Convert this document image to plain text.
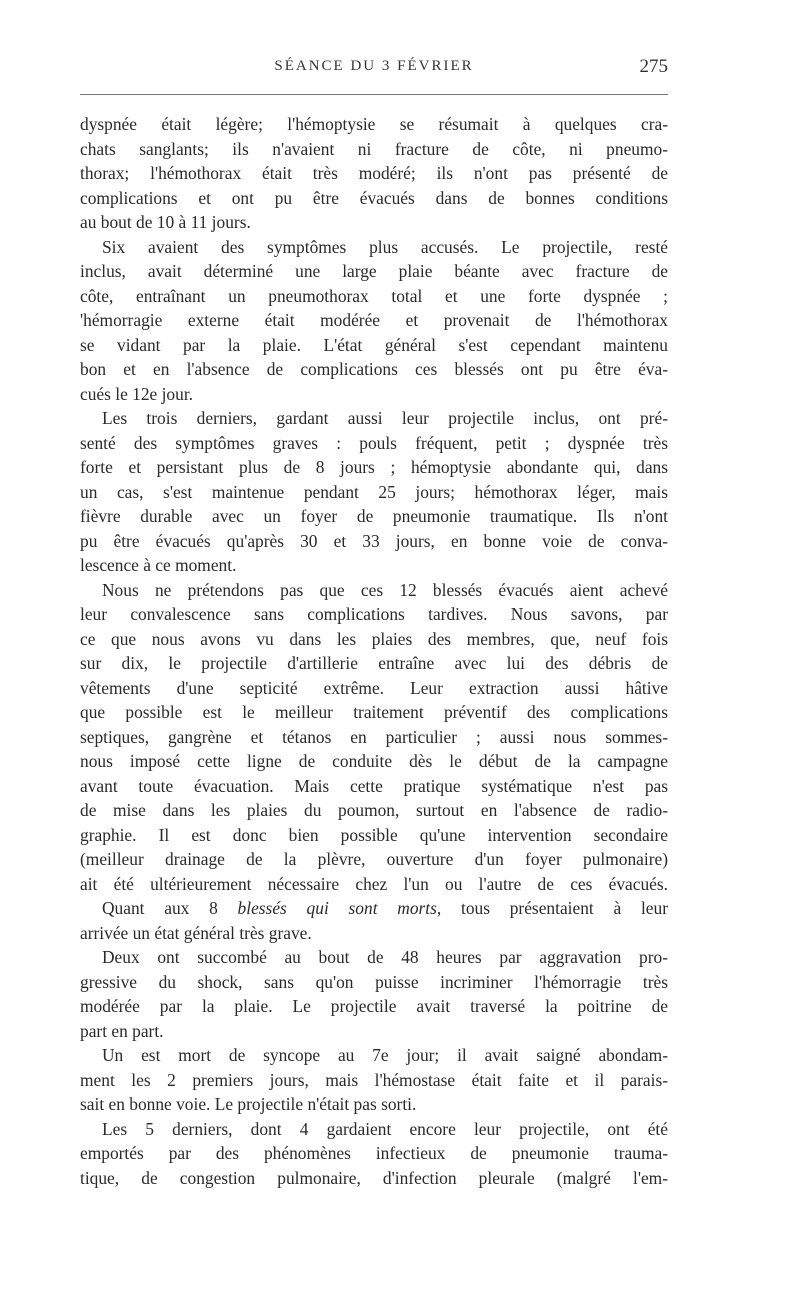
SÉANCE DU 3 FÉVRIER	275
dyspnée était légère; l'hémoptysie se résumait à quelques cra-
chats sanglants; ils n'avaient ni fracture de côte, ni pneumo-
thorax; l'hémothorax était très modéré; ils n'ont pas présenté de
complications et ont pu être évacués dans de bonnes conditions
au bout de 10 à 11 jours.
Six avaient des symptômes plus accusés. Le projectile, resté
inclus, avait déterminé une large plaie béante avec fracture de
côte, entraînant un pneumothorax total et une forte dyspnée ;
'hémorragie externe était modérée et provenait de l'hémothorax
se vidant par la plaie. L'état général s'est cependant maintenu
bon et en l'absence de complications ces blessés ont pu être éva-
cués le 12e jour.
Les trois derniers, gardant aussi leur projectile inclus, ont pré-
senté des symptômes graves : pouls fréquent, petit ; dyspnée très
forte et persistant plus de 8 jours ; hémoptysie abondante qui, dans
un cas, s'est maintenue pendant 25 jours; hémothorax léger, mais
fièvre durable avec un foyer de pneumonie traumatique. Ils n'ont
pu être évacués qu'après 30 et 33 jours, en bonne voie de conva-
lescence à ce moment.
Nous ne prétendons pas que ces 12 blessés évacués aient achevé
leur convalescence sans complications tardives. Nous savons, par
ce que nous avons vu dans les plaies des membres, que, neuf fois
sur dix, le projectile d'artillerie entraîne avec lui des débris de
vêtements d'une septicité extrême. Leur extraction aussi hâtive
que possible est le meilleur traitement préventif des complications
septiques, gangrène et tétanos en particulier ; aussi nous sommes-
nous imposé cette ligne de conduite dès le début de la campagne
avant toute évacuation. Mais cette pratique systématique n'est pas
de mise dans les plaies du poumon, surtout en l'absence de radio-
graphie. Il est donc bien possible qu'une intervention secondaire
(meilleur drainage de la plèvre, ouverture d'un foyer pulmonaire)
ait été ultérieurement nécessaire chez l'un ou l'autre de ces évacués.
Quant aux 8 blessés qui sont morts, tous présentaient à leur
arrivée un état général très grave.
Deux ont succombé au bout de 48 heures par aggravation pro-
gressive du shock, sans qu'on puisse incriminer l'hémorragie très
modérée par la plaie. Le projectile avait traversé la poitrine de
part en part.
Un est mort de syncope au 7e jour; il avait saigné abondam-
ment les 2 premiers jours, mais l'hémostase était faite et il parais-
sait en bonne voie. Le projectile n'était pas sorti.
Les 5 derniers, dont 4 gardaient encore leur projectile, ont été
emportés par des phénomènes infectieux de pneumonie trauma-
tique, de congestion pulmonaire, d'infection pleurale (malgré l'em-
